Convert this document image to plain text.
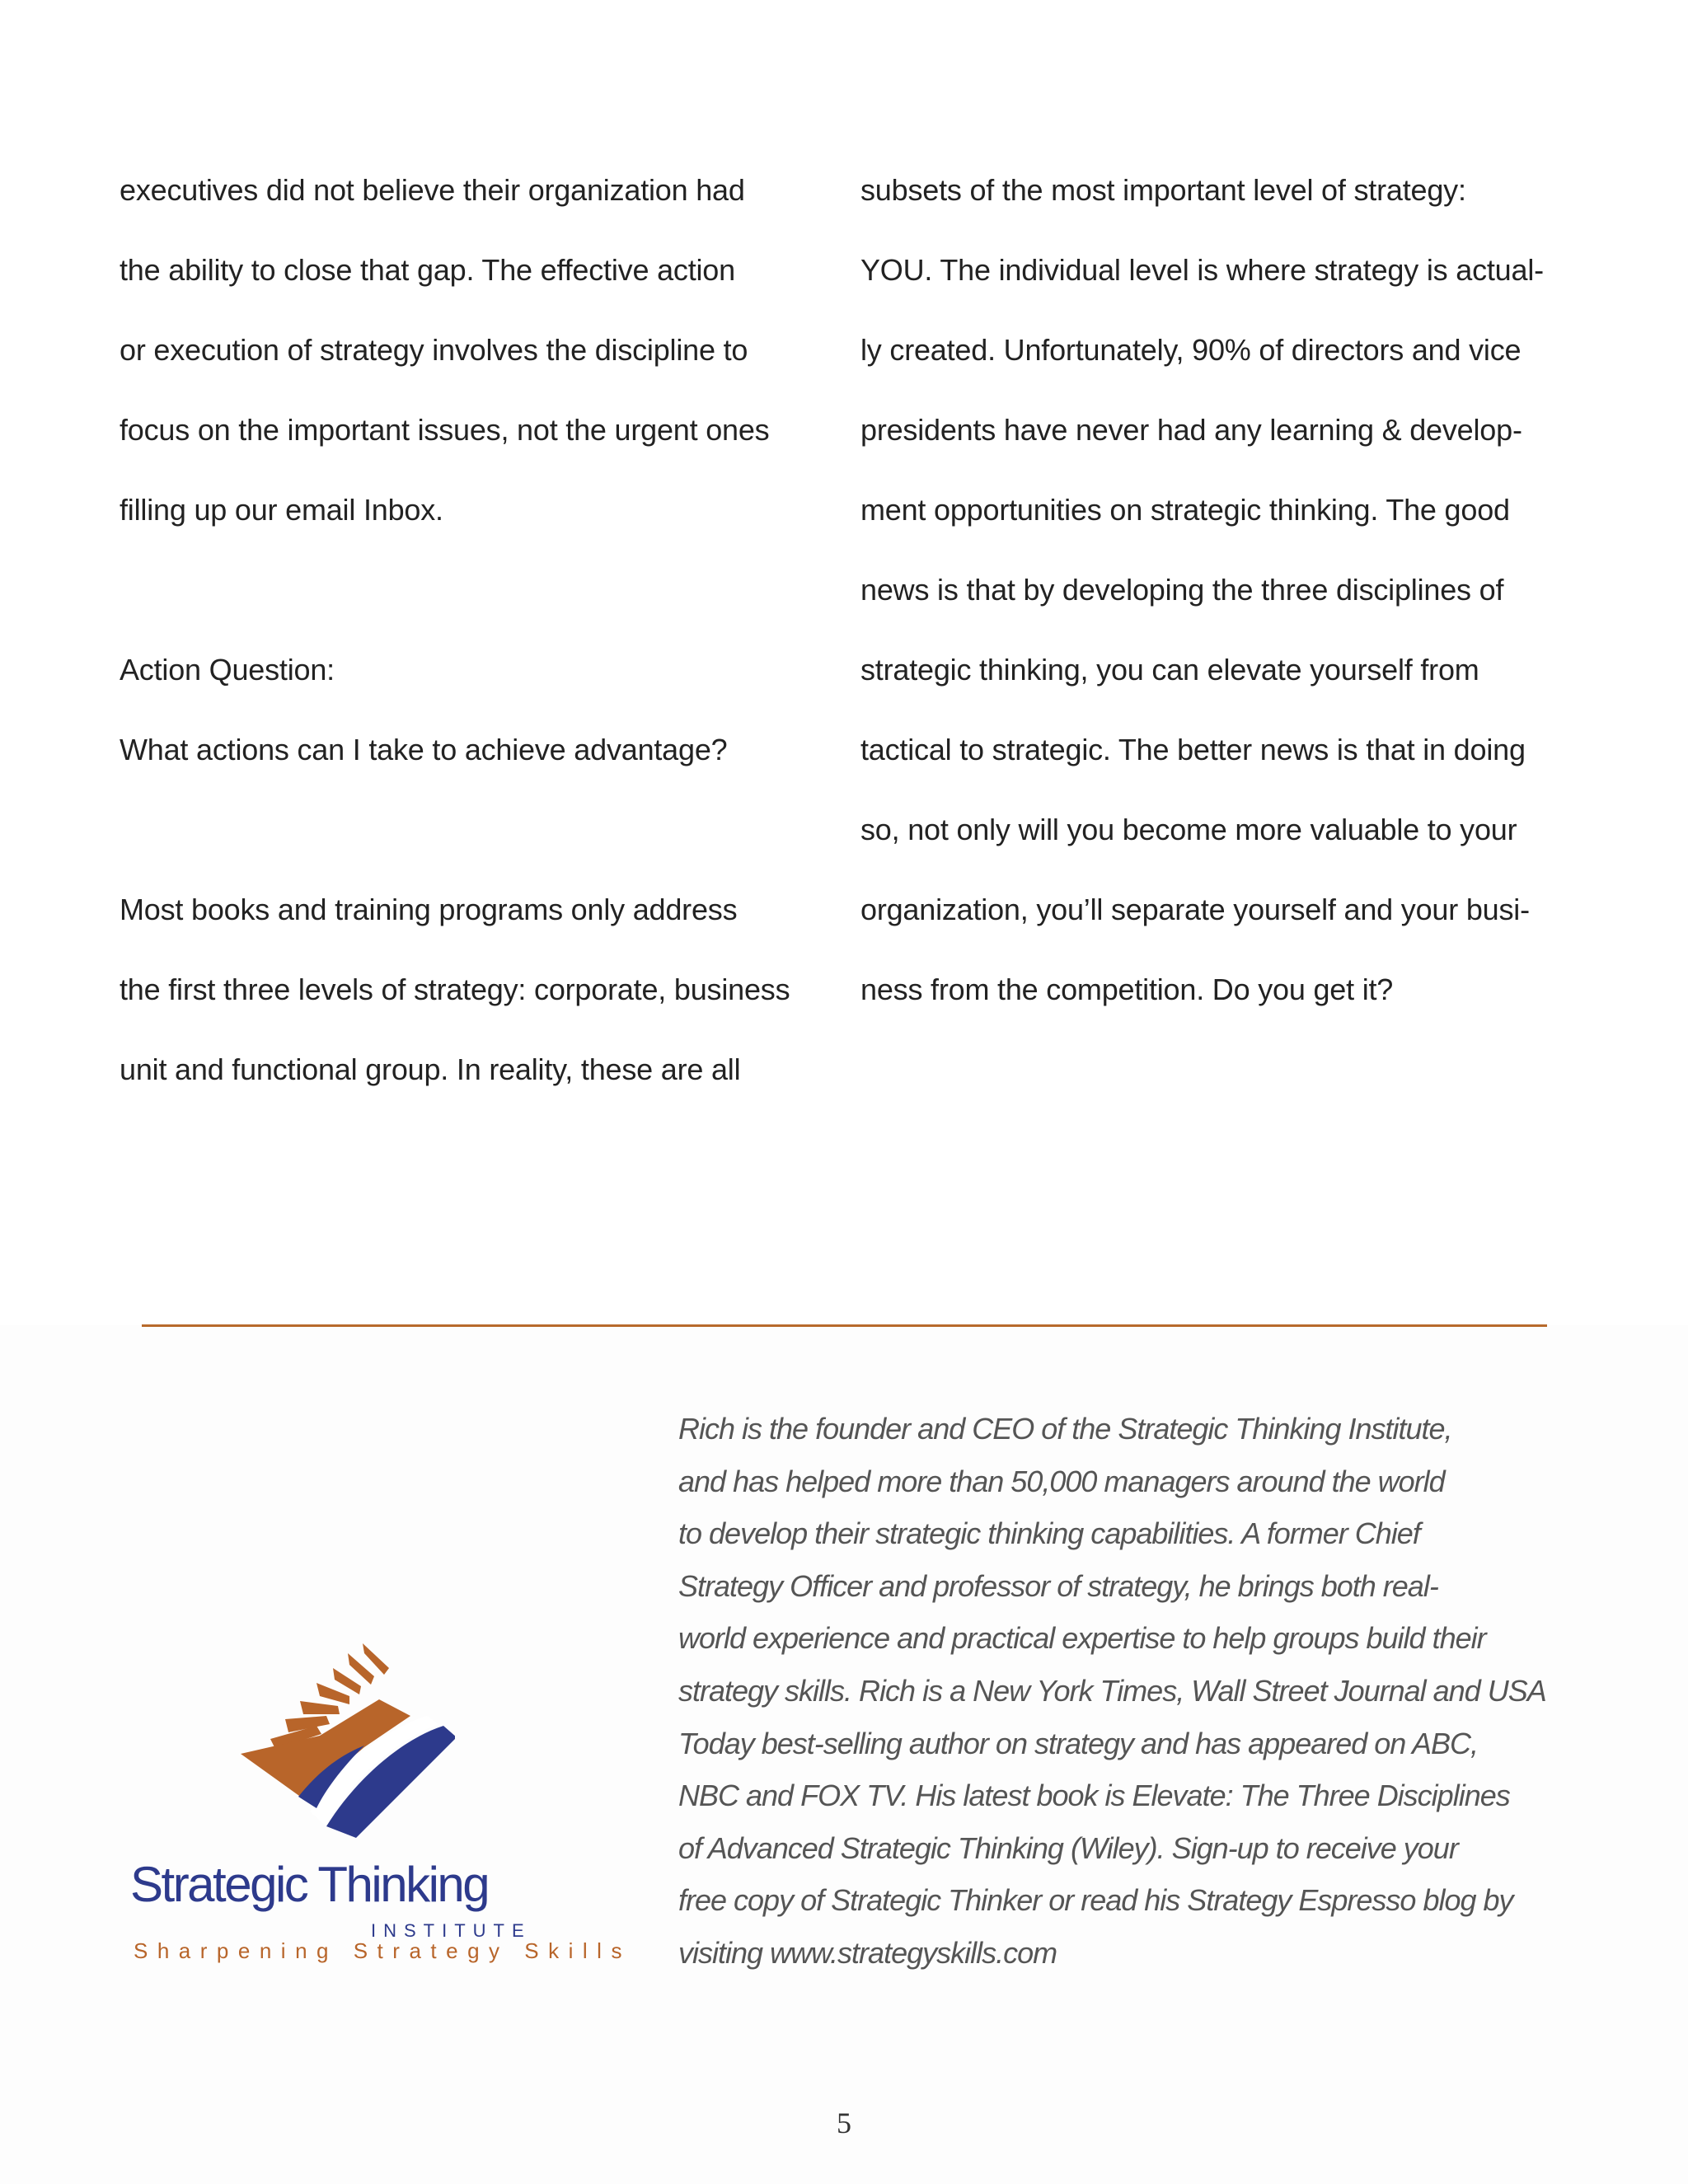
executives did not believe their organization had

the ability to close that gap. The effective action

or execution of strategy involves the discipline to

focus on the important issues, not the urgent ones

filling up our email Inbox.

Action Question:

What actions can I take to achieve advantage?

Most books and training programs only address

the first three levels of strategy: corporate, business

unit and functional group. In reality, these are all

subsets of the most important level of strategy:

YOU. The individual level is where strategy is actual-

ly created. Unfortunately, 90% of directors and vice

presidents have never had any learning & develop-

ment opportunities on strategic thinking. The good

news is that by developing the three disciplines of

strategic thinking, you can elevate yourself from

tactical to strategic. The better news is that in doing

so, not only will you become more valuable to your

organization, you’ll separate yourself and your busi-

ness from the competition. Do you get it?

Rich is the founder and CEO of the Strategic Thinking Institute,

and has helped more than 50,000 managers around the world

to develop their strategic thinking capabilities. A former Chief

Strategy Officer and professor of strategy, he brings both real-

world experience and practical expertise to help groups build their

strategy skills. Rich is a New York Times, Wall Street Journal and USA

Today best-selling author on strategy and has appeared on ABC,

NBC and FOX TV. His latest book is Elevate: The Three Disciplines

of Advanced Strategic Thinking (Wiley). Sign-up to receive your

free copy of Strategic Thinker or read his Strategy Espresso blog by

visiting www.strategyskills.com

Strategic Thinking
INSTITUTE
Sharpening Strategy Skills
5
